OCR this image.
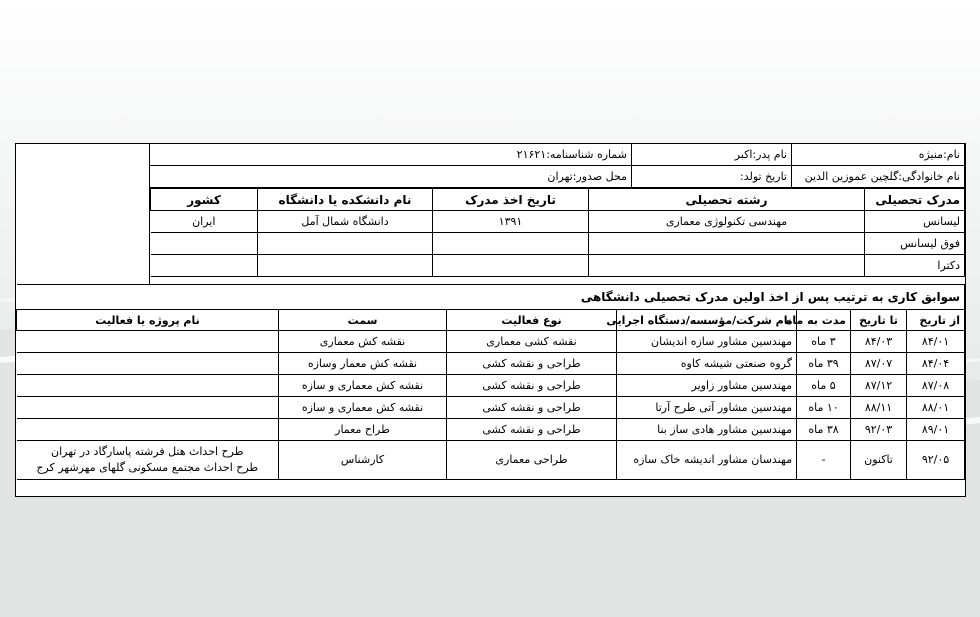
نام:منیژه	نام پدر:اکبر	شماره شناسنامه:۲۱۶۲۱
نام خانوادگی:گلچین عموزین الدین	تاریخ تولد:	محل صدور:تهران
مدرک تحصیلی	رشته تحصیلی	تاریخ اخذ مدرک	نام دانشکده یا دانشگاه	کشور
لیسانس	مهندسی تکنولوژی معماری	۱۳۹۱	دانشگاه شمال آمل	ایران
فوق لیسانس				
دکترا				
سوابق کاری به ترتیب پس از اخذ اولین مدرک تحصیلی دانشگاهی						
از تاریخ	تا تاریخ	مدت به ماه	نام شرکت/مؤسسه/دستگاه اجرایی	نوع فعالیت	سمت	نام پروژه یا فعالیت
۸۴/۰۱	۸۴/۰۳	۳ ماه	مهندسین مشاور سازه اندیشان	نقشه کشی معماری	نقشه کش معماری	
۸۴/۰۴	۸۷/۰۷	۳۹ ماه	گروه صنعتی شیشه کاوه	طراحی و نقشه کشی	نقشه کش معمار وسازه	
۸۷/۰۸	۸۷/۱۲	۵ ماه	مهندسین مشاور زاویر	طراحی و نقشه کشی	نقشه کش معماری و سازه	
۸۸/۰۱	۸۸/۱۱	۱۰ ماه	مهندسین مشاور آتی طرح آرتا	طراحی و نقشه کشی	نقشه کش معماری و سازه	
۸۹/۰۱	۹۲/۰۳	۳۸ ماه	مهندسین مشاور هادی ساز بنا	طراحی و نقشه کشی	طراح معمار	
۹۲/۰۵	تاکنون	-	مهندسان مشاور اندیشه خاک سازه	طراحی معماری	کارشناس	طرح احداث هتل فرشته پاسارگاد در تهران
طرح احداث مجتمع مسکونی گلهای مهرشهر کرج
